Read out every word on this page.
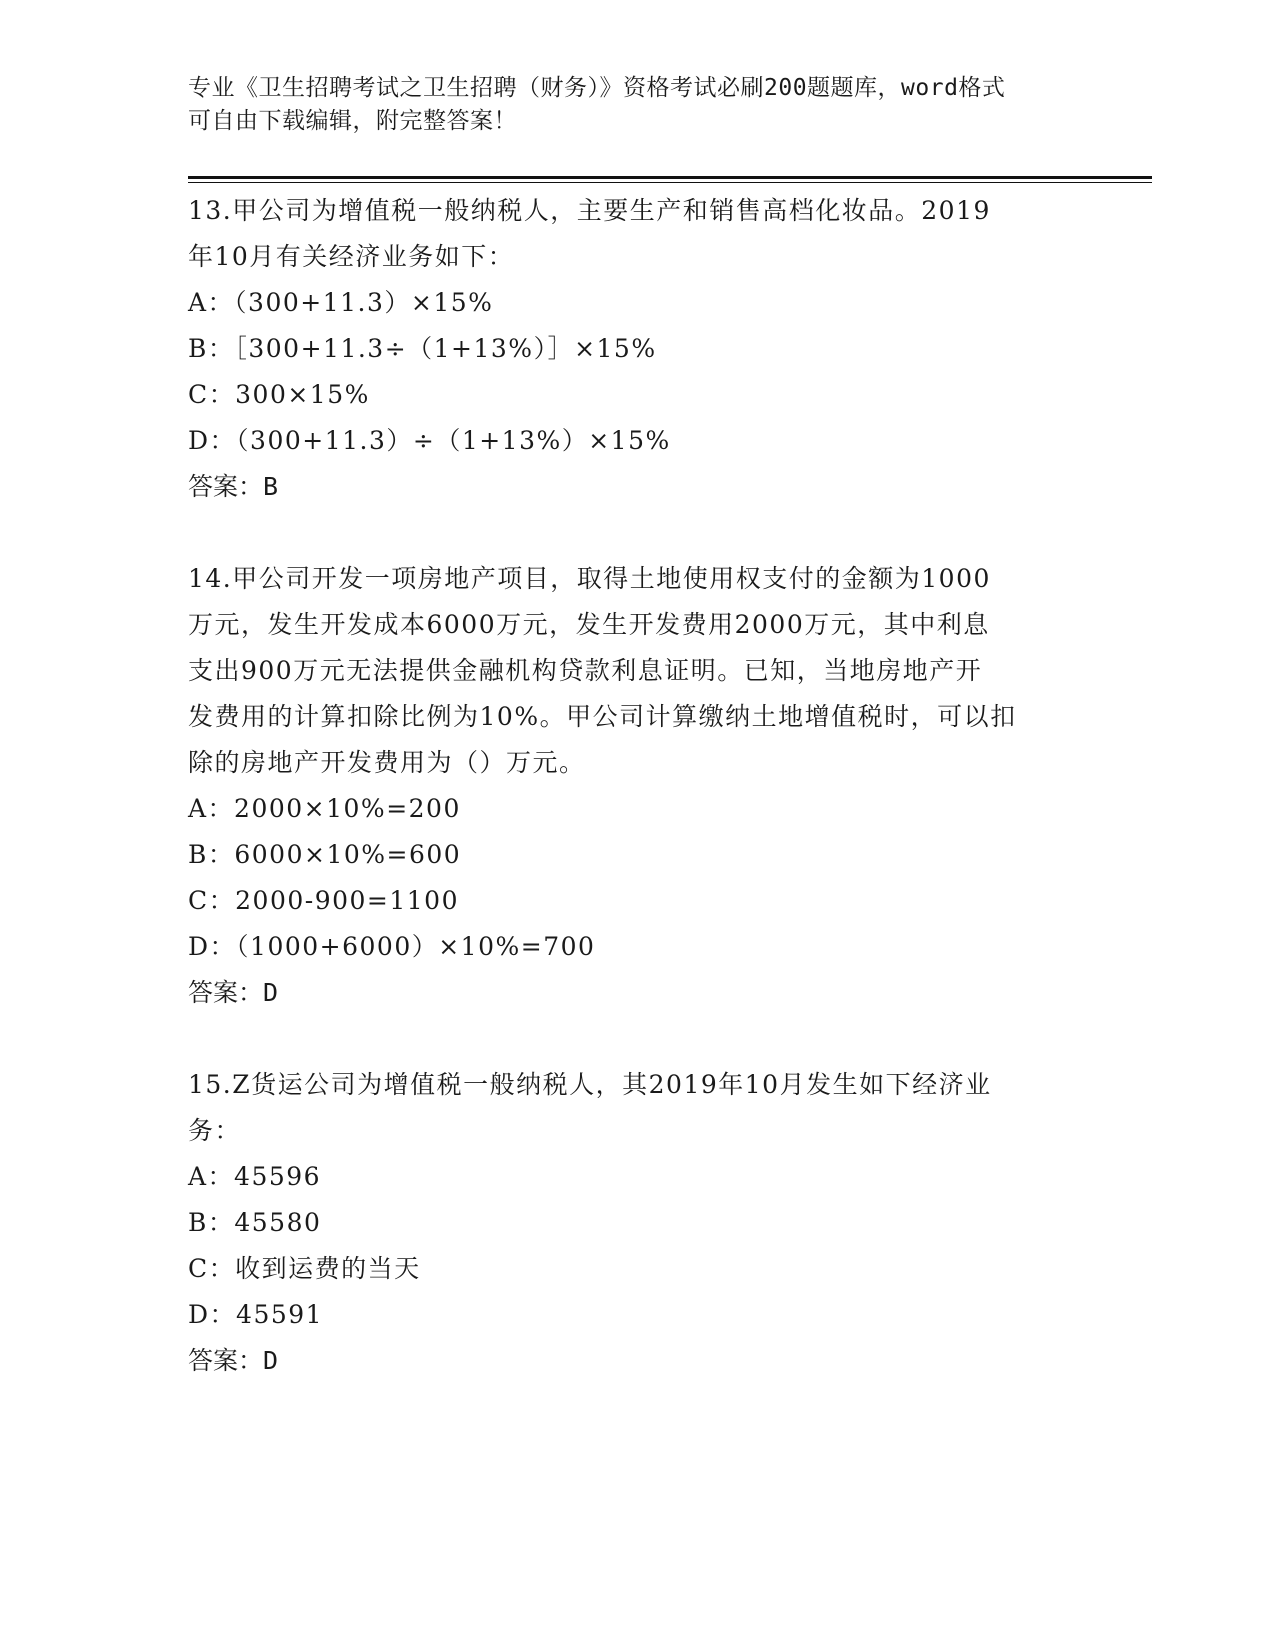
专业《卫生招聘考试之卫生招聘（财务）》资格考试必刷200题题库，word格式
可自由下载编辑，附完整答案！
13.甲公司为增值税一般纳税人，主要生产和销售高档化妆品。2019
年10月有关经济业务如下：
A：（300+11.3）×15%
B：［300+11.3÷（1+13%）］×15%
C：300×15%
D：（300+11.3）÷（1+13%）×15%
答案：B
14.甲公司开发一项房地产项目，取得土地使用权支付的金额为1000
万元，发生开发成本6000万元，发生开发费用2000万元，其中利息
支出900万元无法提供金融机构贷款利息证明。已知，当地房地产开
发费用的计算扣除比例为10%。甲公司计算缴纳土地增值税时，可以扣
除的房地产开发费用为（）万元。
A：2000×10%=200
B：6000×10%=600
C：2000-900=1100
D：（1000+6000）×10%=700
答案：D
15.Z货运公司为增值税一般纳税人，其2019年10月发生如下经济业
务：
A：45596
B：45580
C：收到运费的当天
D：45591
答案：D
